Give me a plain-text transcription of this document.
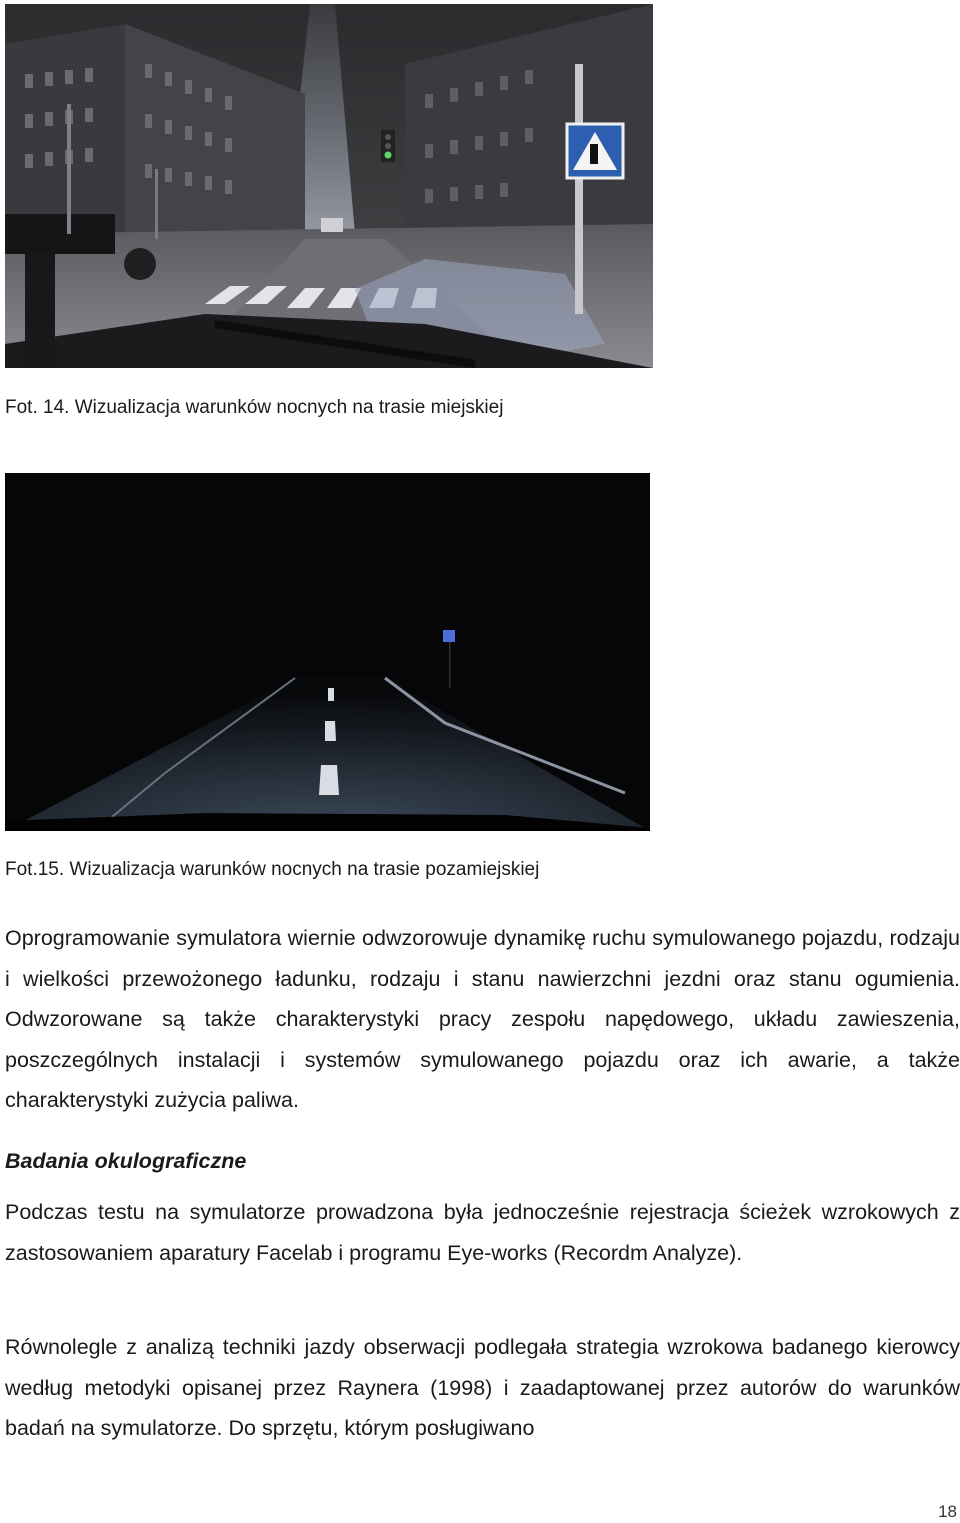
Fot. 14. Wizualizacja warunków nocnych na trasie miejskiej
Fot.15. Wizualizacja warunków nocnych na trasie pozamiejskiej

Oprogramowanie symulatora wiernie odwzorowuje dynamikę ruchu symulowanego pojazdu, rodzaju i wielkości przewożonego ładunku, rodzaju i stanu nawierzchni jezdni oraz stanu ogumienia. Odwzorowane są także charakterystyki pracy zespołu napędowego, układu zawieszenia, poszczególnych instalacji i systemów symulowanego pojazdu oraz ich awarie, a także charakterystyki zużycia paliwa.

Badania okulograficzne

Podczas testu na symulatorze prowadzona była jednocześnie rejestracja ścieżek wzrokowych z zastosowaniem aparatury Facelab i programu Eye-works (Recordm Analyze).

Równolegle z analizą techniki jazdy obserwacji podlegała strategia wzrokowa badanego kierowcy według metodyki opisanej przez Raynera (1998) i zaadaptowanej przez autorów do warunków badań na symulatorze. Do sprzętu, którym posługiwano

18
